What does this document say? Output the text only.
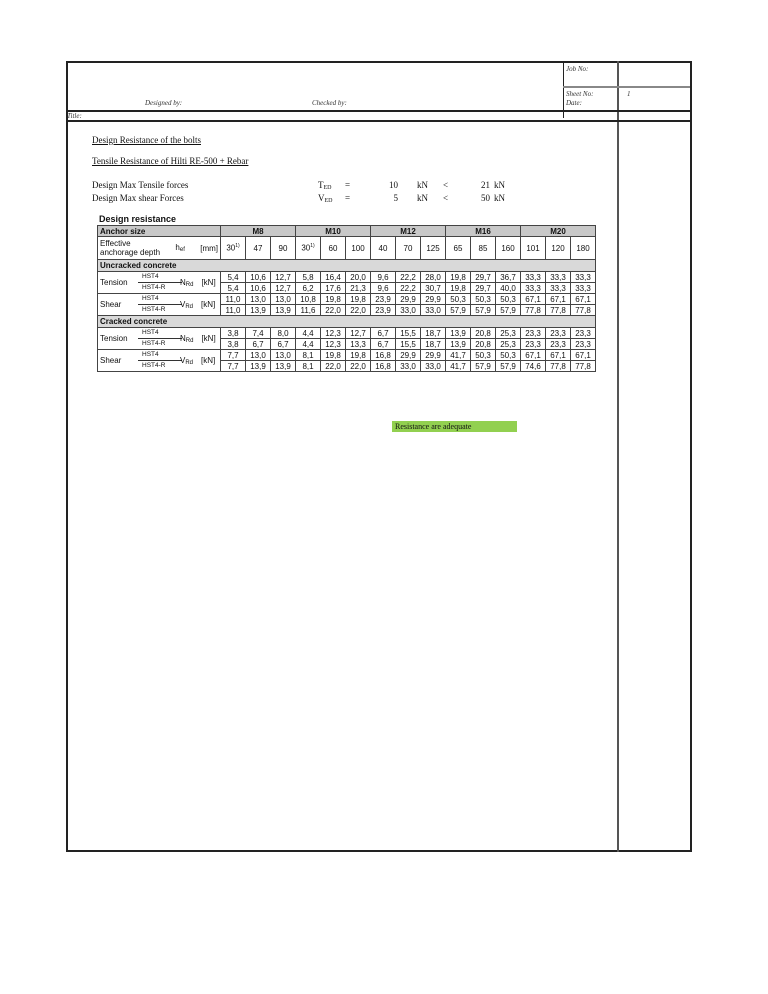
Designed by:	Checked by:
Job No:
Sheet No:	1
Date:
Title:
Design Resistance of the bolts
Tensile Resistance of Hilti RE-500 + Rebar
Design Max Tensile forces	TED =	10 kN <	21 kN
Design Max shear Forces	VED =	5 kN <	50 kN
Design resistance
Anchor size	M8			M10			M12			M16			M20		

Effective
anchorage depth
hef [mm]	30$^{1)}$	47	90	30$^{1)}$	60	100	40	70	125	65	85	160	101	120	180
Uncracked concrete															

Tension
HST4
HST4-R
NRd [kN]	5,4	10,6	12,7	5,8	16,4	20,0	9,6	22,2	28,0	19,8	29,7	36,7	33,3	33,3	33,3
	5,4	10,6	12,7	6,2	17,6	21,3	9,6	22,2	30,7	19,8	29,7	40,0	33,3	33,3	33,3

Shear
HST4
HST4-R
VRd [kN]	11,0	13,0	13,0	10,8	19,8	19,8	23,9	29,9	29,9	50,3	50,3	50,3	67,1	67,1	67,1
	11,0	13,9	13,9	11,6	22,0	22,0	23,9	33,0	33,0	57,9	57,9	57,9	77,8	77,8	77,8
Cracked concrete															

Tension
HST4
HST4-R
NRd [kN]	3,8	7,4	8,0	4,4	12,3	12,7	6,7	15,5	18,7	13,9	20,8	25,3	23,3	23,3	23,3
	3,8	6,7	6,7	4,4	12,3	13,3	6,7	15,5	18,7	13,9	20,8	25,3	23,3	23,3	23,3

Shear
HST4
HST4-R
VRd [kN]	7,7	13,0	13,0	8,1	19,8	19,8	16,8	29,9	29,9	41,7	50,3	50,3	67,1	67,1	67,1
	7,7	13,9	13,9	8,1	22,0	22,0	16,8	33,0	33,0	41,7	57,9	57,9	74,6	77,8	77,8
Resistance are adequate
